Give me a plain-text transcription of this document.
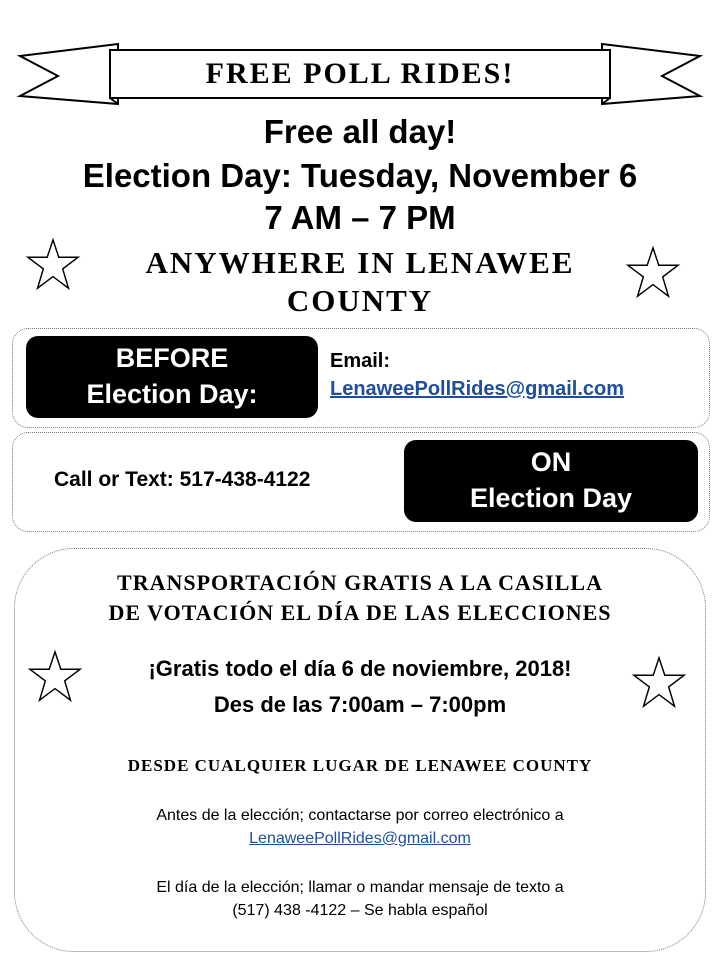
FREE POLL RIDES!
Free all day!
Election Day: Tuesday, November 6
7 AM – 7 PM
ANYWHERE IN LENAWEE
COUNTY
BEFORE
Election Day:
Email:
LenaweePollRides@gmail.com
Call or Text: 517-438-4122
ON
Election Day
TRANSPORTACIÓN GRATIS A LA CASILLA
DE VOTACIÓN EL DÍA DE LAS ELECCIONES
¡Gratis todo el día 6 de noviembre, 2018!
Des de las 7:00am – 7:00pm
DESDE CUALQUIER LUGAR DE LENAWEE COUNTY
Antes de la elección; contactarse por correo electrónico a
LenaweePollRides@gmail.com
El día de la elección; llamar o mandar mensaje de texto a
(517) 438 -4122 – Se habla español
